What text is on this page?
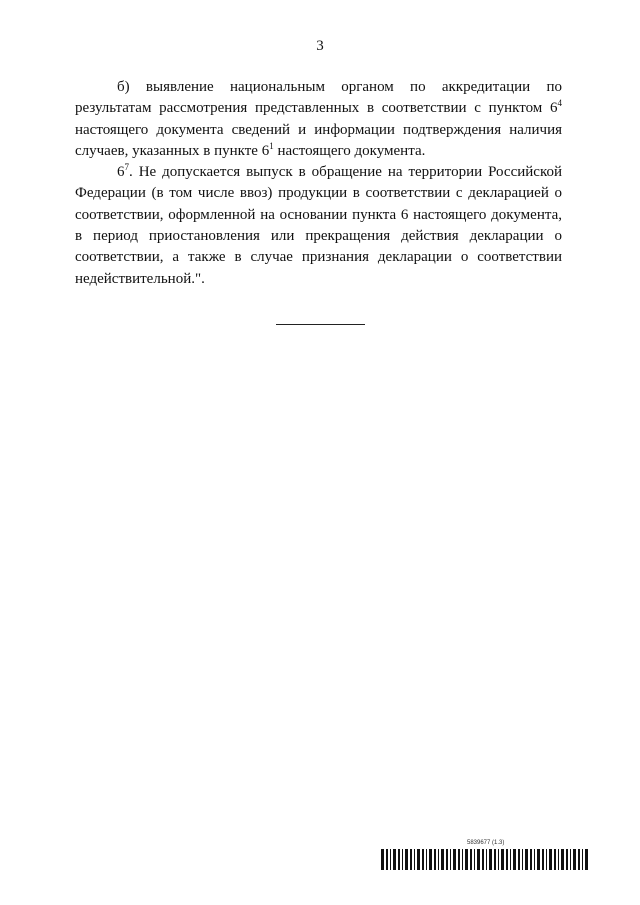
3

б) выявление национальным органом по аккредитации по результатам рассмотрения представленных в соответствии с пунктом $6^4$ настоящего документа сведений и информации подтверждения наличия случаев, указанных в пункте $6^1$ настоящего документа.

$6^7$. Не допускается выпуск в обращение на территории Российской Федерации (в том числе ввоз) продукции в соответствии с декларацией о соответствии, оформленной на основании пункта 6 настоящего документа, в период приостановления или прекращения действия декларации о соответствии, а также в случае признания декларации о соответствии недействительной.".

5839677 (1.3)
